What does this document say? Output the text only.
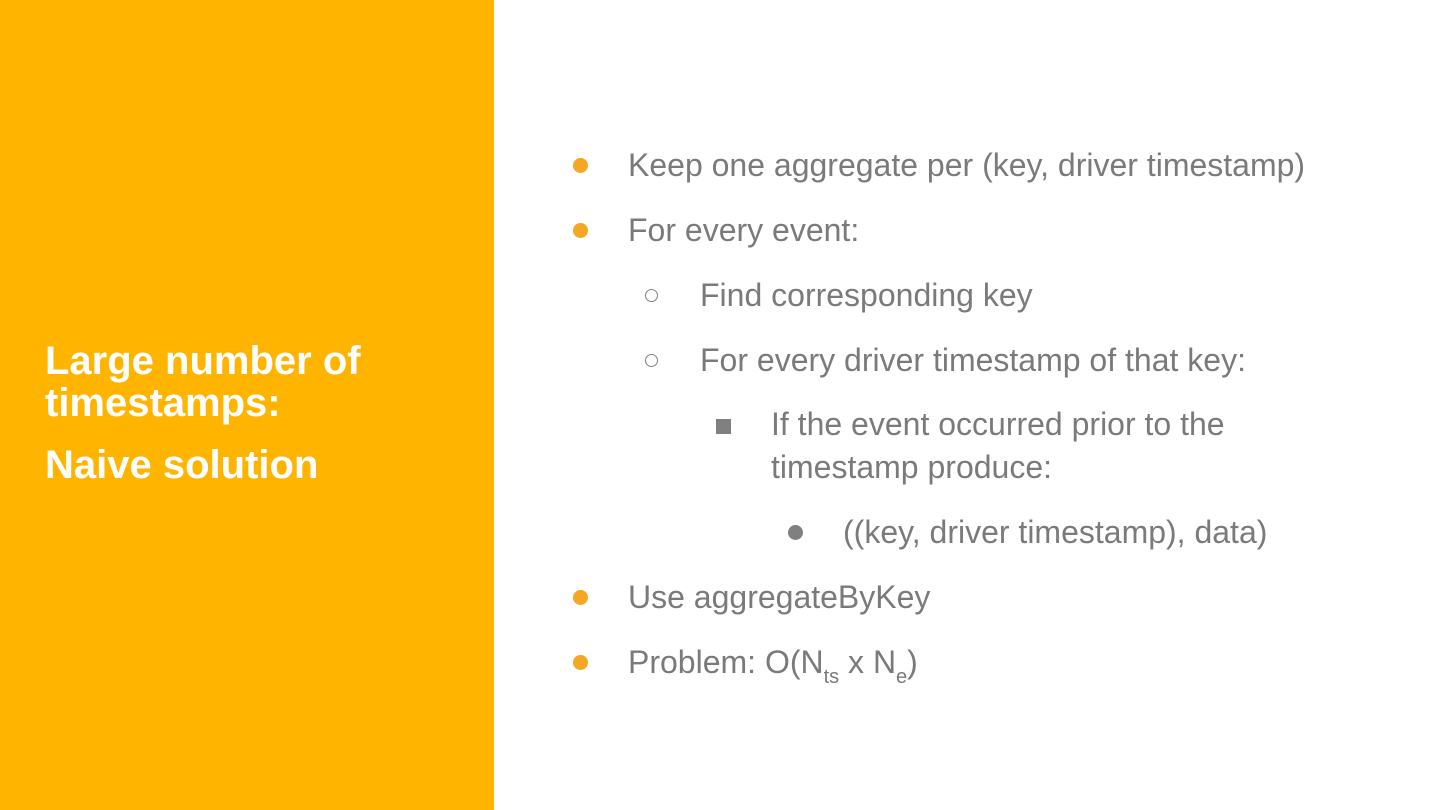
Large number of timestamps:
Naive solution
Keep one aggregate per (key, driver timestamp)
For every event:
Find corresponding key
For every driver timestamp of that key:
If the event occurred prior to the
timestamp produce:
((key, driver timestamp), data)
Use aggregateByKey
Problem: $O(N_{ts}$ x $N_e$)
